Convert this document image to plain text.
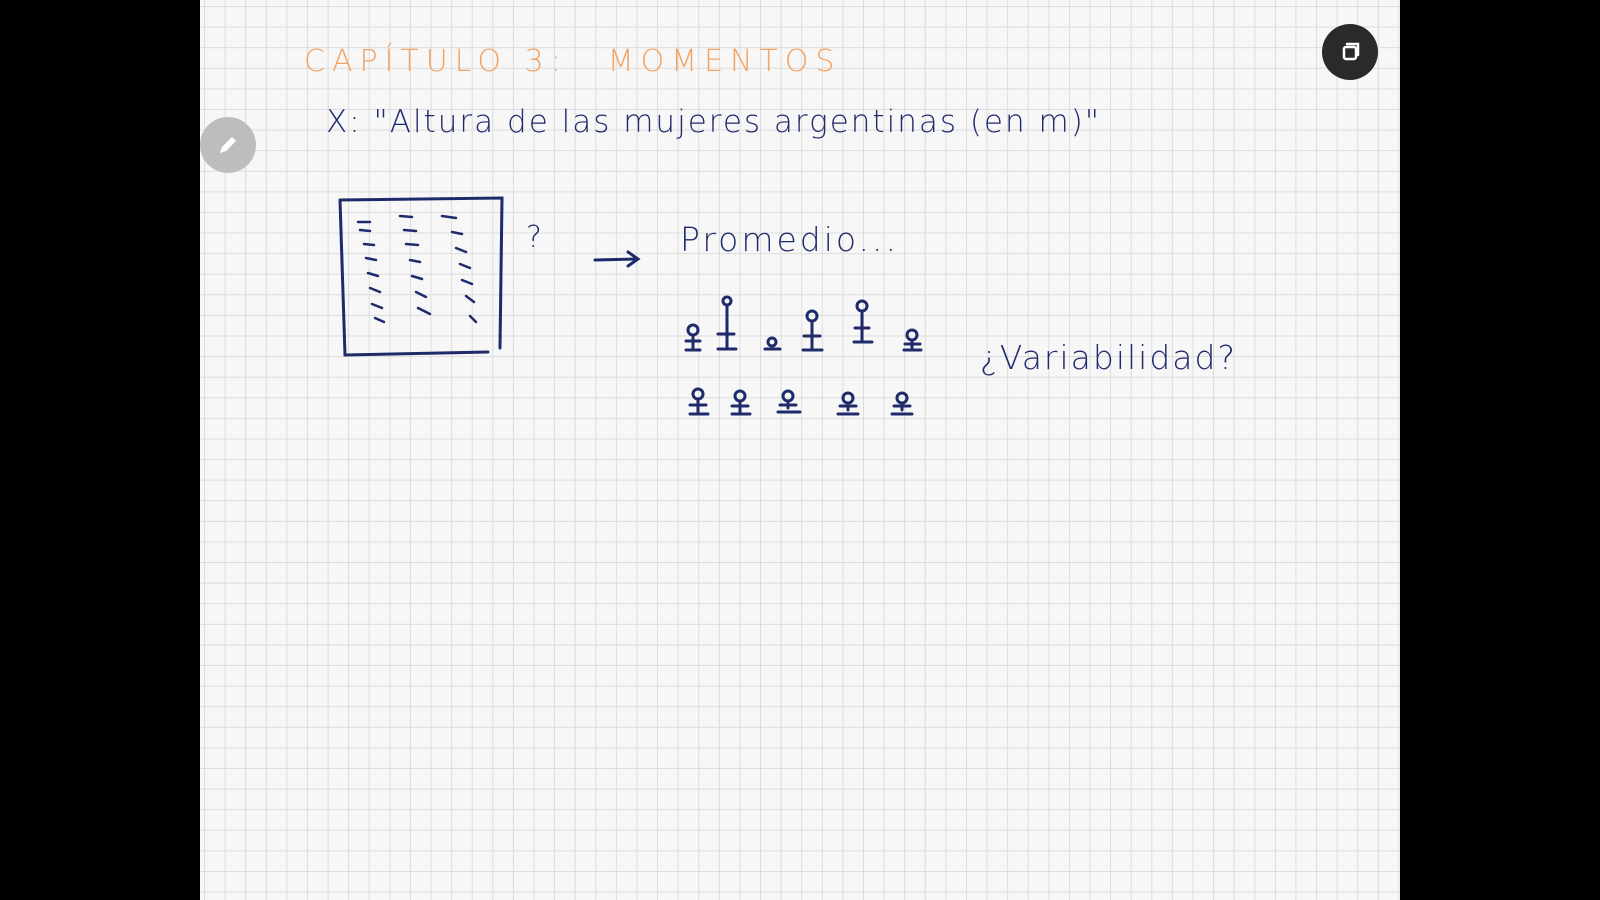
CAPÍTULO 3: MOMENTOS
X: "Altura de las mujeres argentinas (en m)"
?	Promedio...
¿Variabilidad?
